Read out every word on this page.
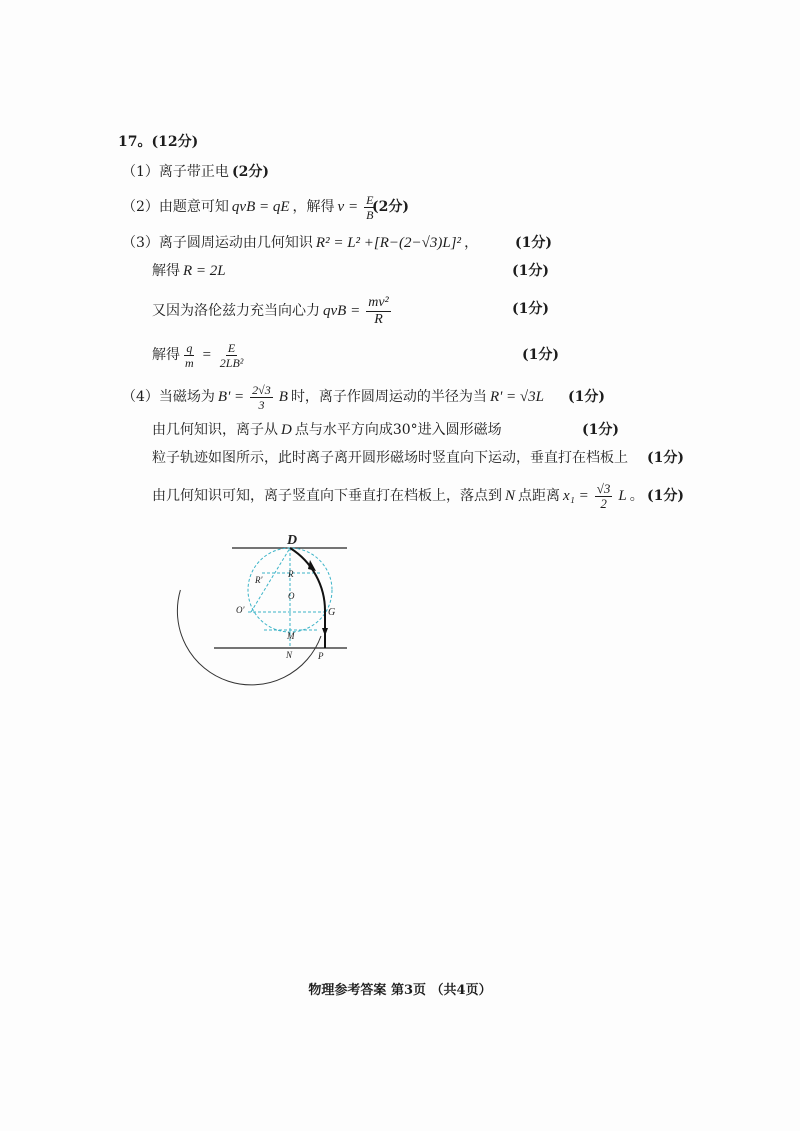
17。(12分)
（1） 离子带正电 (2分)
（2） 由题意可知 qvB = qE ，解得 $v = \frac{E}{B}$
(2分)
（3） 离子圆周运动由几何知识 R² = L² +[R−(2−√3)L]² ，	(1分)
解得 R = 2L	(1分)
又因为洛伦兹力充当向心力 qvB = $\frac{\text{mv²}}{R}$	(1分)
解得 $\frac{q}{m} = \frac{E}{\text{2LB²}}$	(1分)
（4） 当磁场为 $B' = \frac{2√3}{3}$ B 时，离子作圆周运动的半径为当 R' = √3L (1分)
由几何知识，离子从 D 点与水平方向成30°进入圆形磁场	(1分)
粒子轨迹如图所示，此时离子离开圆形磁场时竖直向下运动，垂直打在档板上 (1分)
由几何知识可知，离子竖直向下垂直打在档板上，落点到 N 点距离 $x_1 = \frac{√3}{2}$ L 。 (1分)
D
R'
R
O'
O
G
M
N	P
物理参考答案 第3页 （共4页）
